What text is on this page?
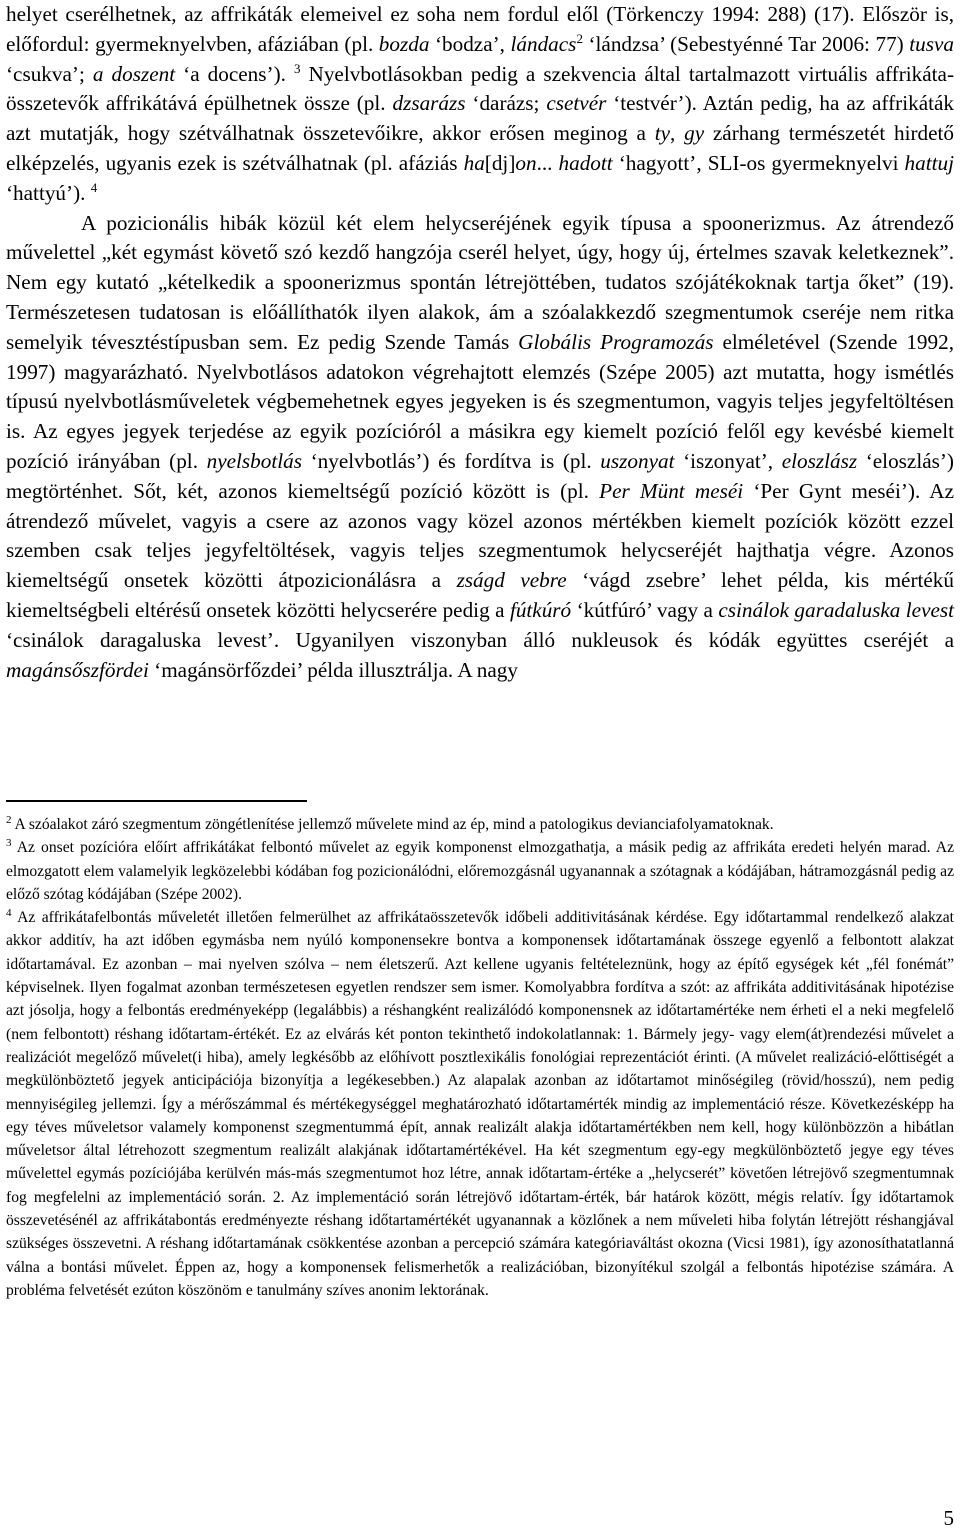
helyet cserélhetnek, az affrikáták elemeivel ez soha nem fordul elől (Törkenczy 1994: 288) (17). Először is, előfordul: gyermeknyelvben, afáziában (pl. bozda ‘bodza’, lándacs$^2$ ‘lándzsa’ (Sebestyénné Tar 2006: 77) tusva ‘csukva’; a doszent ‘a docens’). $^3$ Nyelvbotlásokban pedig a szekvencia által tartalmazott virtuális affrikáta-összetevők affrikátává épülhetnek össze (pl. dzsarázs ‘darázs; csetvér ‘testvér’). Aztán pedig, ha az affrikáták azt mutatják, hogy szétválhatnak összetevőikre, akkor erősen meginog a ty, gy zárhang természetét hirdető elképzelés, ugyanis ezek is szétválhatnak (pl. afáziás ha[dj]on... hadott ‘hagyott’, SLI-os gyermeknyelvi hattuj ‘hattyú’). $^4$

A pozicionális hibák közül két elem helycseréjének egyik típusa a spoonerizmus. Az átrendező művelettel „két egymást követő szó kezdő hangzója cserél helyet, úgy, hogy új, értelmes szavak keletkeznek”. Nem egy kutató „kételkedik a spoonerizmus spontán létrejöttében, tudatos szójátékoknak tartja őket” (19). Természetesen tudatosan is előállíthatók ilyen alakok, ám a szóalakkezdő szegmentumok cseréje nem ritka semelyik tévesztéstípusban sem. Ez pedig Szende Tamás Globális Programozás elméletével (Szende 1992, 1997) magyarázható. Nyelvbotlásos adatokon végrehajtott elemzés (Szépe 2005) azt mutatta, hogy ismétlés típusú nyelvbotlásműveletek végbemehetnek egyes jegyeken is és szegmentumon, vagyis teljes jegyfeltöltésen is. Az egyes jegyek terjedése az egyik pozícióról a másikra egy kiemelt pozíció felől egy kevésbé kiemelt pozíció irányában (pl. nyelsbotlás ‘nyelvbotlás’) és fordítva is (pl. uszonyat ‘iszonyat’, eloszlász ‘eloszlás’) megtörténhet. Sőt, két, azonos kiemeltségű pozíció között is (pl. Per Münt meséi ‘Per Gynt meséi’). Az átrendező művelet, vagyis a csere az azonos vagy közel azonos mértékben kiemelt pozíciók között ezzel szemben csak teljes jegyfeltöltések, vagyis teljes szegmentumok helycseréjét hajthatja végre. Azonos kiemeltségű onsetek közötti átpozicionálásra a zságd vebre ‘vágd zsebre’ lehet példa, kis mértékű kiemeltségbeli eltérésű onsetek közötti helycserére pedig a fútkúró ‘kútfúró’ vagy a csinálok garadaluska levest ‘csinálok daragaluska levest’. Ugyanilyen viszonyban álló nukleusok és kódák együttes cseréjét a magánsőszfördei ‘magánsörfőzdei’ példa illusztrálja. A nagy

$^2$ A szóalakot záró szegmentum zöngétlenítése jellemző művelete mind az ép, mind a patologikus devianciafolyamatoknak.

$^3$ Az onset pozícióra előírt affrikátákat felbontó művelet az egyik komponenst elmozgathatja, a másik pedig az affrikáta eredeti helyén marad. Az elmozgatott elem valamelyik legközelebbi kódában fog pozicionálódni, előremozgásnál ugyanannak a szótagnak a kódájában, hátramozgásnál pedig az előző szótag kódájában (Szépe 2002).

$^4$ Az affrikátafelbontás műveletét illetően felmerülhet az affrikátaösszetevők időbeli additivitásának kérdése. Egy időtartammal rendelkező alakzat akkor additív, ha azt időben egymásba nem nyúló komponensekre bontva a komponensek időtartamának összege egyenlő a felbontott alakzat időtartamával. Ez azonban – mai nyelven szólva – nem életszerű. Azt kellene ugyanis feltételeznünk, hogy az építő egységek két „fél fonémát” képviselnek. Ilyen fogalmat azonban természetesen egyetlen rendszer sem ismer. Komolyabbra fordítva a szót: az affrikáta additivitásának hipotézise azt jósolja, hogy a felbontás eredményeképp (legalábbis) a réshangként realizálódó komponensnek az időtartamértéke nem érheti el a neki megfelelő (nem felbontott) réshang időtartam-értékét. Ez az elvárás két ponton tekinthető indokolatlannak: 1. Bármely jegy- vagy elem(át)rendezési művelet a realizációt megelőző művelet(i hiba), amely legkésőbb az előhívott posztlexikális fonológiai reprezentációt érinti. (A művelet realizáció-előttiségét a megkülönböztető jegyek anticipációja bizonyítja a legékesebben.) Az alapalak azonban az időtartamot minőségileg (rövid/hosszú), nem pedig mennyiségileg jellemzi. Így a mérőszámmal és mértékegységgel meghatározható időtartamérték mindig az implementáció része. Következésképp ha egy téves műveletsor valamely komponenst szegmentummá épít, annak realizált alakja időtartamértékben nem kell, hogy különbözzön a hibátlan műveletsor által létrehozott szegmentum realizált alakjának időtartamértékével. Ha két szegmentum egy-egy megkülönböztető jegye egy téves művelettel egymás pozíciójába kerülvén más-más szegmentumot hoz létre, annak időtartam-értéke a „helycserét” követően létrejövő szegmentumnak fog megfelelni az implementáció során. 2. Az implementáció során létrejövő időtartam-érték, bár határok között, mégis relatív. Így időtartamok összevetésénél az affrikátabontás eredményezte réshang időtartamértékét ugyanannak a közlőnek a nem műveleti hiba folytán létrejött réshangjával szükséges összevetni. A réshang időtartamának csökkentése azonban a percepció számára kategóriaváltást okozna (Vicsi 1981), így azonosíthatatlanná válna a bontási művelet. Éppen az, hogy a komponensek felismerhetők a realizációban, bizonyítékul szolgál a felbontás hipotézise számára. A probléma felvetését ezúton köszönöm e tanulmány szíves anonim lektorának.

5
